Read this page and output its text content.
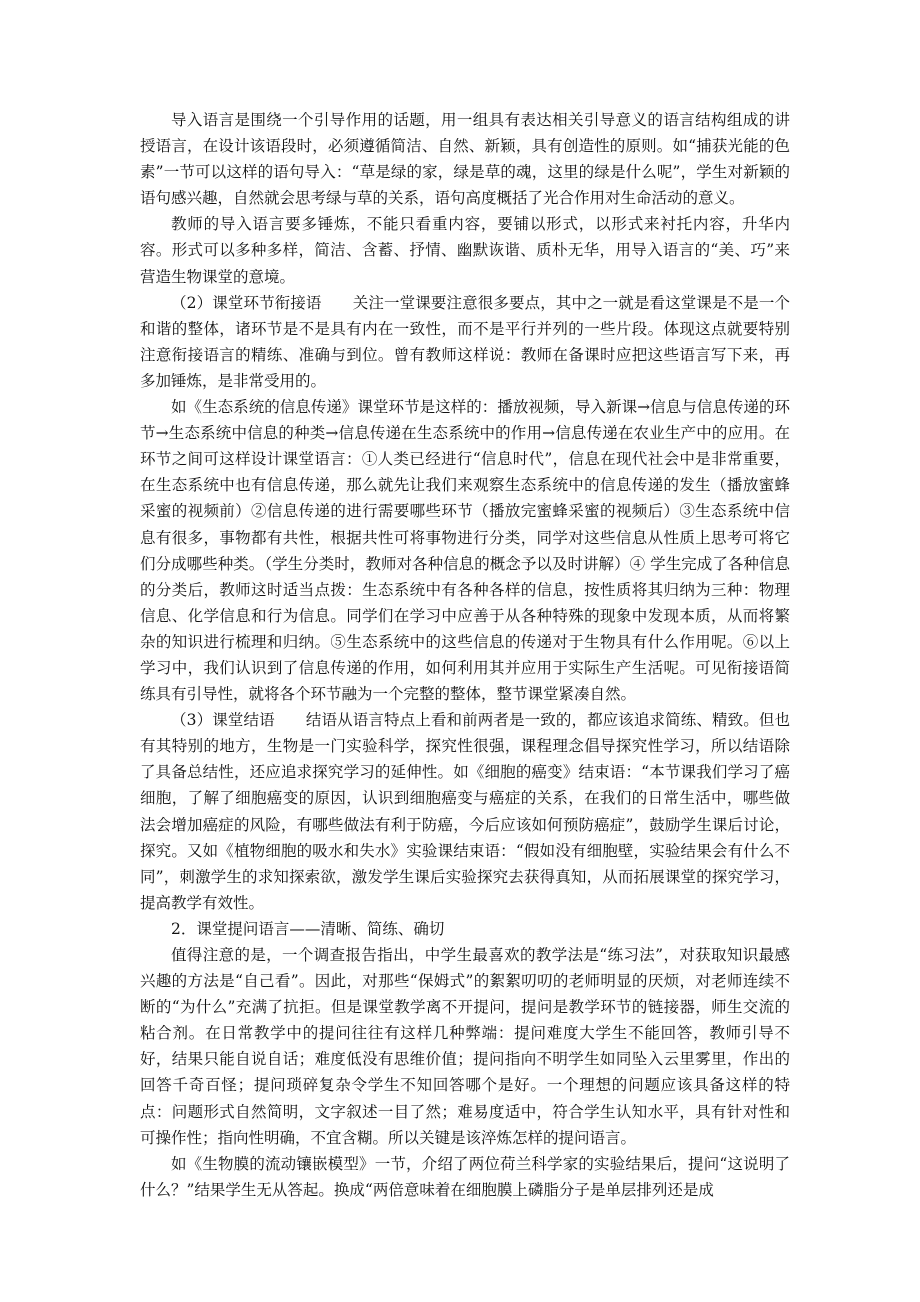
导入语言是围绕一个引导作用的话题，用一组具有表达相关引导意义的语言结构组成的讲授语言，在设计该语段时，必须遵循简洁、自然、新颖，具有创造性的原则。如“捕获光能的色素”一节可以这样的语句导入：“草是绿的家，绿是草的魂，这里的绿是什么呢”，学生对新颖的语句感兴趣，自然就会思考绿与草的关系，语句高度概括了光合作用对生命活动的意义。

教师的导入语言要多锤炼，不能只看重内容，要铺以形式，以形式来衬托内容，升华内容。形式可以多种多样，简洁、含蓄、抒情、幽默诙谐、质朴无华，用导入语言的“美、巧”来营造生物课堂的意境。

（2）课堂环节衔接语　　关注一堂课要注意很多要点，其中之一就是看这堂课是不是一个和谐的整体，诸环节是不是具有内在一致性，而不是平行并列的一些片段。体现这点就要特别注意衔接语言的精练、准确与到位。曾有教师这样说：教师在备课时应把这些语言写下来，再多加锤炼，是非常受用的。

如《生态系统的信息传递》课堂环节是这样的：播放视频，导入新课→信息与信息传递的环节→生态系统中信息的种类→信息传递在生态系统中的作用→信息传递在农业生产中的应用。在环节之间可这样设计课堂语言：①人类已经进行“信息时代”，信息在现代社会中是非常重要，在生态系统中也有信息传递，那么就先让我们来观察生态系统中的信息传递的发生（播放蜜蜂采蜜的视频前）②信息传递的进行需要哪些环节（播放完蜜蜂采蜜的视频后）③生态系统中信息有很多，事物都有共性，根据共性可将事物进行分类，同学对这些信息从性质上思考可将它们分成哪些种类。（学生分类时，教师对各种信息的概念予以及时讲解）④ 学生完成了各种信息的分类后，教师这时适当点拨：生态系统中有各种各样的信息，按性质将其归纳为三种：物理信息、化学信息和行为信息。同学们在学习中应善于从各种特殊的现象中发现本质，从而将繁杂的知识进行梳理和归纳。⑤生态系统中的这些信息的传递对于生物具有什么作用呢。⑥以上学习中，我们认识到了信息传递的作用，如何利用其并应用于实际生产生活呢。可见衔接语简练具有引导性，就将各个环节融为一个完整的整体，整节课堂紧凑自然。

（3）课堂结语　　结语从语言特点上看和前两者是一致的，都应该追求简练、精致。但也有其特别的地方，生物是一门实验科学，探究性很强，课程理念倡导探究性学习，所以结语除了具备总结性，还应追求探究学习的延伸性。如《细胞的癌变》结束语：“本节课我们学习了癌细胞，了解了细胞癌变的原因，认识到细胞癌变与癌症的关系，在我们的日常生活中，哪些做法会增加癌症的风险，有哪些做法有利于防癌，今后应该如何预防癌症”，鼓励学生课后讨论，探究。又如《植物细胞的吸水和失水》实验课结束语：“假如没有细胞壁，实验结果会有什么不同”，刺激学生的求知探索欲，激发学生课后实验探究去获得真知，从而拓展课堂的探究学习，提高教学有效性。

2．课堂提问语言——清晰、简练、确切

值得注意的是，一个调查报告指出，中学生最喜欢的教学法是“练习法”，对获取知识最感兴趣的方法是“自己看”。因此，对那些“保姆式”的絮絮叨叨的老师明显的厌烦，对老师连续不断的“为什么”充满了抗拒。但是课堂教学离不开提问，提问是教学环节的链接器，师生交流的粘合剂。在日常教学中的提问往往有这样几种弊端：提问难度大学生不能回答，教师引导不好，结果只能自说自话；难度低没有思维价值；提问指向不明学生如同坠入云里雾里，作出的回答千奇百怪；提问琐碎复杂令学生不知回答哪个是好。一个理想的问题应该具备这样的特点：问题形式自然简明，文字叙述一目了然；难易度适中，符合学生认知水平，具有针对性和可操作性；指向性明确，不宜含糊。所以关键是该淬炼怎样的提问语言。

如《生物膜的流动镶嵌模型》一节，介绍了两位荷兰科学家的实验结果后，提问“这说明了什么？”结果学生无从答起。换成“两倍意味着在细胞膜上磷脂分子是单层排列还是成
